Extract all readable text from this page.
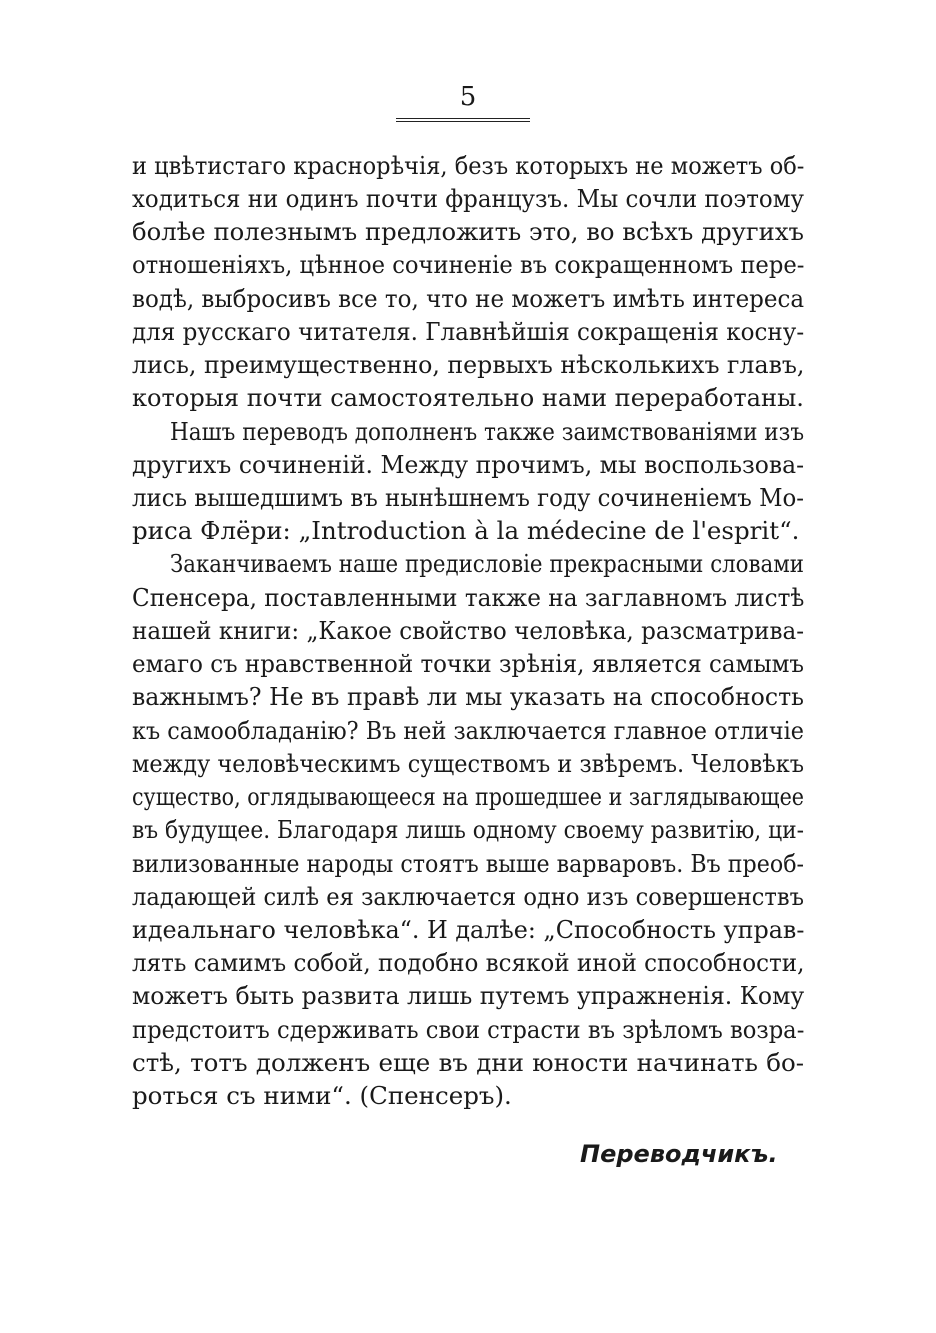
5
и цвѣтистаго краснорѣчія, безъ которыхъ не можетъ об-
ходиться ни одинъ почти французъ. Мы сочли поэтому
болѣе полезнымъ предложить это, во всѣхъ другихъ
отношеніяхъ, цѣнное сочиненіе въ сокращенномъ пере-
водѣ, выбросивъ все то, что не можетъ имѣть интереса
для русскаго читателя. Главнѣйшія сокращенія косну-
лись, преимущественно, первыхъ нѣсколькихъ главъ,
которыя почти самостоятельно нами переработаны.
Нашъ переводъ дополненъ также заимствованіями изъ
другихъ сочиненій. Между прочимъ, мы воспользова-
лись вышедшимъ въ нынѣшнемъ году сочиненіемъ Мо-
риса Флёри: „Introduction à la médecine de l'esprit“.
Заканчиваемъ наше предисловіе прекрасными словами
Спенсера, поставленными также на заглавномъ листѣ
нашей книги: „Какое свойство человѣка, разсматрива-
емаго съ нравственной точки зрѣнія, является самымъ
важнымъ? Не въ правѣ ли мы указать на способность
къ самообладанію? Въ ней заключается главное отличіе
между человѣческимъ существомъ и звѣремъ. Человѣкъ
существо, оглядывающееся на прошедшее и заглядывающее
въ будущее. Благодаря лишь одному своему развитію, ци-
вилизованные народы стоятъ выше варваровъ. Въ преоб-
ладающей силѣ ея заключается одно изъ совершенствъ
идеальнаго человѣка“. И далѣе: „Способность управ-
лять самимъ собой, подобно всякой иной способности,
можетъ быть развита лишь путемъ упражненія. Кому
предстоитъ сдерживать свои страсти въ зрѣломъ возра-
стѣ, тотъ долженъ еще въ дни юности начинать бо-
роться съ ними“. (Спенсеръ).
Переводчикъ.
